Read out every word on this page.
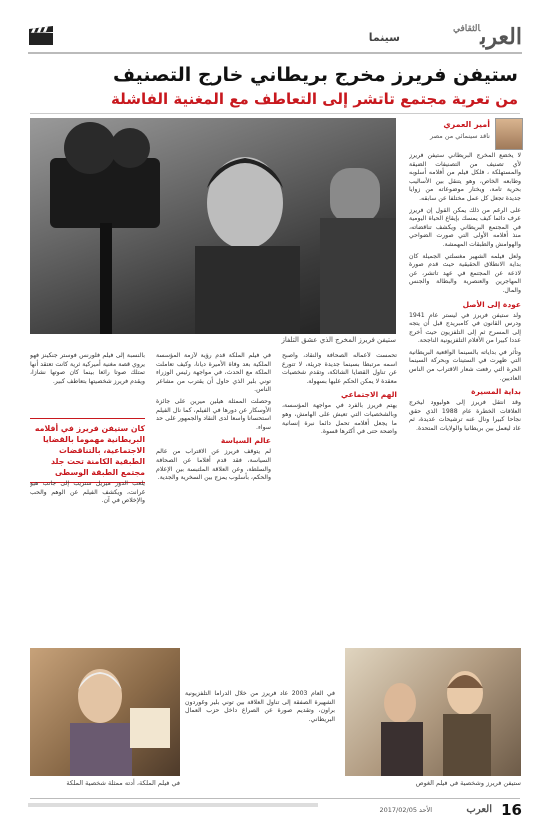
سينما	العرب$^{الثقافي}$
ستيفن فريرز مخرج بريطاني خارج التصنيف
من تعرية مجتمع تاتشر إلى التعاطف مع المغنية الفاشلة
ستيفن فريرز المخرج الذي عشق التلفاز
أمير العمري
ناقد سينمائي من مصر

لا يخضع المخرج البريطاني ستيفن فريرز لأي تصنيف من التصنيفات الضيقة والمستهلكة ، فلكل فيلم من أفلامه أسلوبه وطابعه الخاص، وهو يتنقل بين الأساليب بحرية تامة، ويختار موضوعاته من زوايا جديدة تجعل كل عمل مختلفا عن سابقه.

على الرغم من ذلك يمكن القول إن فريرز عرف دائما كيف يمسك بإيقاع الحياة اليومية في المجتمع البريطاني ويكشف تناقضاته، منذ أفلامه الأولى التي صورت الضواحي والهوامش والطبقات المهمشة.

ولعل فيلمه الشهير مغسلتي الجميلة كان بداية الانطلاق الحقيقية حيث قدم صورة لاذعة عن المجتمع في عهد تاتشر، عن المهاجرين والعنصرية والبطالة والجنس والمال.

عودة إلى الأصل

ولد ستيفن فريرز في ليستر عام 1941 ودرس القانون في كامبريدج قبل أن يتجه إلى المسرح ثم إلى التلفزيون حيث أخرج عددا كبيرا من الأفلام التلفزيونية الناجحة.

وتأثر في بداياته بالسينما الواقعية البريطانية التي ظهرت في الستينات وبحركة السينما الحرة التي رفعت شعار الاقتراب من الناس العاديين.

بداية المسيرة

وقد انتقل فريرز إلى هوليوود ليخرج العلاقات الخطرة عام 1988 الذي حقق نجاحا كبيرا ونال عنه ترشيحات عديدة، ثم عاد ليعمل بين بريطانيا والولايات المتحدة.

تحمست لأعماله الصحافة والنقاد، وأصبح اسمه مرتبطا بسينما جديدة جريئة، لا تتورع عن تناول القضايا الشائكة، وتقدم شخصيات معقدة لا يمكن الحكم عليها بسهولة.

الهم الاجتماعي

يهتم فريرز بالفرد في مواجهة المؤسسة، وبالشخصيات التي تعيش على الهامش، وهو ما يجعل أفلامه تحمل دائما نبرة إنسانية واضحة حتى في أكثرها قسوة.

في فيلم الملكة قدم رؤية لأزمة المؤسسة الملكية بعد وفاة الأميرة ديانا، وكيف تعاملت الملكة مع الحدث، في مواجهة رئيس الوزراء توني بلير الذي حاول أن يقترب من مشاعر الناس.

وحصلت الممثلة هيلين ميرين على جائزة الأوسكار عن دورها في الفيلم، كما نال الفيلم استحسانا واسعا لدى النقاد والجمهور على حد سواء.

عالم السياسة

لم يتوقف فريرز عن الاقتراب من عالم السياسة، فقد قدم أفلاما عن الصحافة والسلطة، وعن العلاقة الملتبسة بين الإعلام والحكم، بأسلوب يمزج بين السخرية والجدية.

بالنسبة إلى فيلم فلورنس فوستر جنكينز فهو يروي قصة مغنية أميركية ثرية كانت تعتقد أنها تمتلك صوتا رائعا بينما كان صوتها نشازا، ويقدم فريرز شخصيتها بتعاطف كبير.

كان ستيفن فريرز في أفلامه البريطانية مهموما بالقضايا الاجتماعية، بالتناقضات الطبقية الكامنة تحت جلد مجتمع الطبقة الوسطى

يلعب الدور ميريل ستريب إلى جانب هيو غرانت، ويكشف الفيلم عن الوهم والحب والإخلاص في آن.

في فيلم الملكة، أدته ممثلة شخصية الملكة

في العام 2003 عاد فريرز من خلال الدراما التلفزيونية الشهيرة الصفقة إلى تناول العلاقة بين توني بلير وغوردون براون، وتقديم صورة عن الصراع داخل حزب العمال البريطاني.

ستيفن فريرز وشخصية في فيلم الغوص
16
العرب
الأحد 2017/02/05
